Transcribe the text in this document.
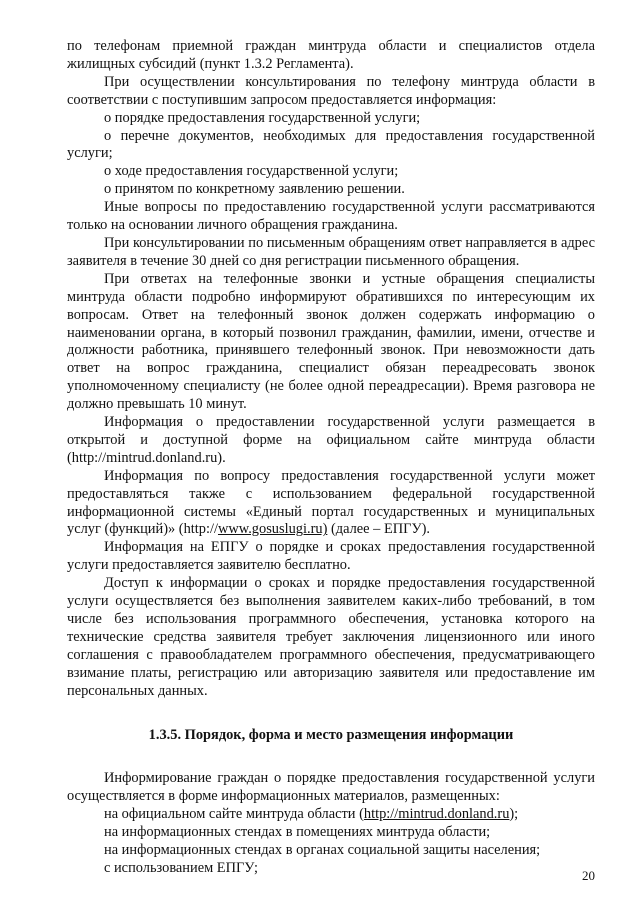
по телефонам приемной граждан минтруда области и специалистов отдела жилищных субсидий (пункт 1.3.2 Регламента).

При осуществлении консультирования по телефону минтруда области в соответствии с поступившим запросом предоставляется информация:

о порядке предоставления государственной услуги;

о перечне документов, необходимых для предоставления государственной услуги;

о ходе предоставления государственной услуги;

о принятом по конкретному заявлению решении.

Иные вопросы по предоставлению государственной услуги рассматриваются только на основании личного обращения гражданина.

При консультировании по письменным обращениям ответ направляется в адрес заявителя в течение 30 дней со дня регистрации письменного обращения.

При ответах на телефонные звонки и устные обращения специалисты минтруда области подробно информируют обратившихся по интересующим их вопросам. Ответ на телефонный звонок должен содержать информацию о наименовании органа, в который позвонил гражданин, фамилии, имени, отчестве и должности работника, принявшего телефонный звонок. При невозможности дать ответ на вопрос гражданина, специалист обязан переадресовать звонок уполномоченному специалисту (не более одной переадресации). Время разговора не должно превышать 10 минут.

Информация о предоставлении государственной услуги размещается в открытой и доступной форме на официальном сайте минтруда области (http://mintrud.donland.ru).

Информация по вопросу предоставления государственной услуги может предоставляться также с использованием федеральной государственной информационной системы «Единый портал государственных и муниципальных услуг (функций)» (http://www.gosuslugi.ru) (далее – ЕПГУ).

Информация на ЕПГУ о порядке и сроках предоставления государственной услуги предоставляется заявителю бесплатно.

Доступ к информации о сроках и порядке предоставления государственной услуги осуществляется без выполнения заявителем каких-либо требований, в том числе без использования программного обеспечения, установка которого на технические средства заявителя требует заключения лицензионного или иного соглашения с правообладателем программного обеспечения, предусматривающего взимание платы, регистрацию или авторизацию заявителя или предоставление им персональных данных.

1.3.5. Порядок, форма и место размещения информации

Информирование граждан о порядке предоставления государственной услуги осуществляется в форме информационных материалов, размещенных:

на официальном сайте минтруда области (http://mintrud.donland.ru);

на информационных стендах в помещениях минтруда области;

на информационных стендах в органах социальной защиты населения;

с использованием ЕПГУ;	20
